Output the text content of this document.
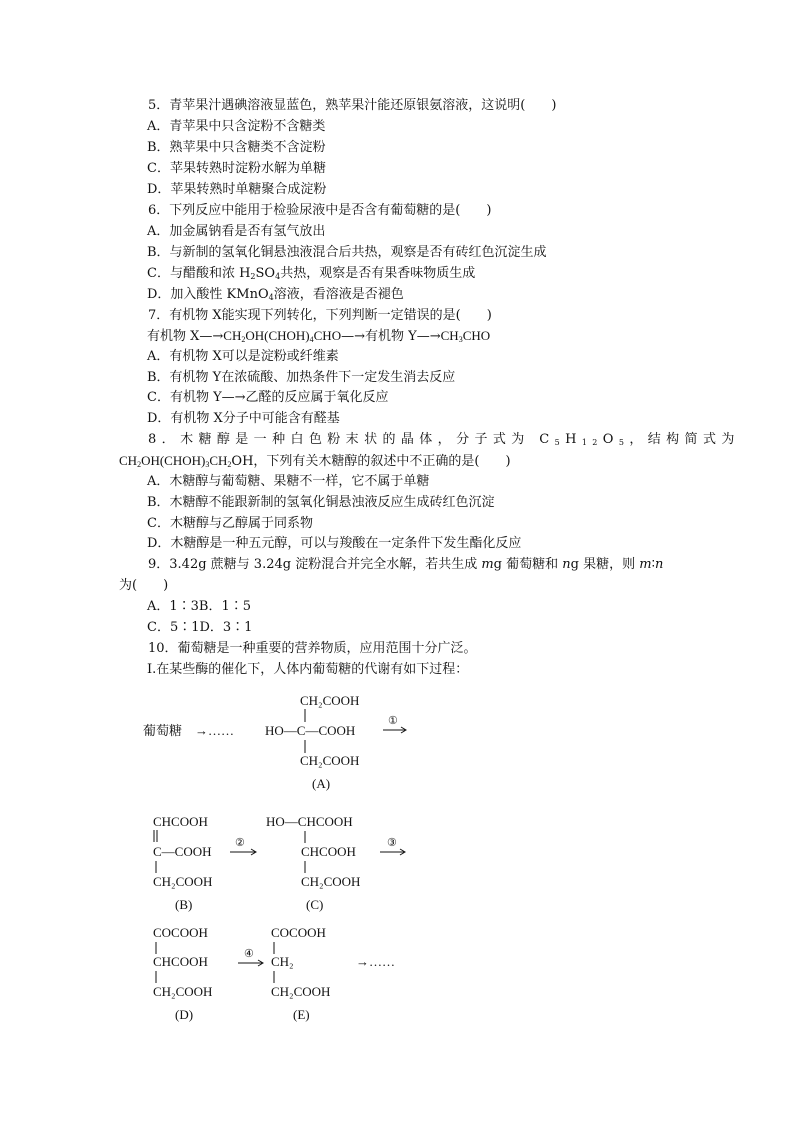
5．青苹果汁遇碘溶液显蓝色，熟苹果汁能还原银氨溶液，这说明(　　)
A．青苹果中只含淀粉不含糖类
B．熟苹果中只含糖类不含淀粉
C．苹果转熟时淀粉水解为单糖
D．苹果转熟时单糖聚合成淀粉
6．下列反应中能用于检验尿液中是否含有葡萄糖的是(　　)
A．加金属钠看是否有氢气放出
B．与新制的氢氧化铜悬浊液混合后共热，观察是否有砖红色沉淀生成
C．与醋酸和浓 $H_2SO_4$共热，观察是否有果香味物质生成
D．加入酸性 KMnO$_4$溶液，看溶液是否褪色
7．有机物 X能实现下列转化，下列判断一定错误的是(　　)
有机物 $X—\to CH_2OH(CHOH)_4CHO—\to$有机物 $Y—\to CH_3CHO$
A．有机物 X可以是淀粉或纤维素
B．有机物 Y在浓硫酸、加热条件下一定发生消去反应
C．有机物 Y—→乙醛的反应属于氧化反应
D．有机物 X分子中可能含有醛基
8．木糖醇是一种白色粉末状的晶体，分子式为 $C_5H_{12}O_5$，结构简式为
$CH_2OH(CHOH)_3CH_2OH$，下列有关木糖醇的叙述中不正确的是(　　)
A．木糖醇与葡萄糖、果糖不一样，它不属于单糖
B．木糖醇不能跟新制的氢氧化铜悬浊液反应生成砖红色沉淀
C．木糖醇与乙醇属于同系物
D．木糖醇是一种五元醇，可以与羧酸在一定条件下发生酯化反应
9．3.42g 蔗糖与 3.24g 淀粉混合并完全水解，若共生成 mg 葡萄糖和 ng 果糖，则 m∶n
为(　　)
A．1∶3B．1∶5
C．5∶1D．3∶1
10．葡萄糖是一种重要的营养物质，应用范围十分广泛。
Ⅰ.在某些酶的催化下，人体内葡萄糖的代谢有如下过程：
葡萄糖 →……
CH₂COOH
HO—C—COOH
CH₂COOH
(A)
①
CHCOOH
C—COOH
CH₂COOH
(B)
②
HO—CHCOOH
CHCOOH
CH₂COOH
(C)
③
COCOOH
CHCOOH
CH₂COOH
(D)
④
COCOOH
CH₂
CH₂COOH
(E)
→……
